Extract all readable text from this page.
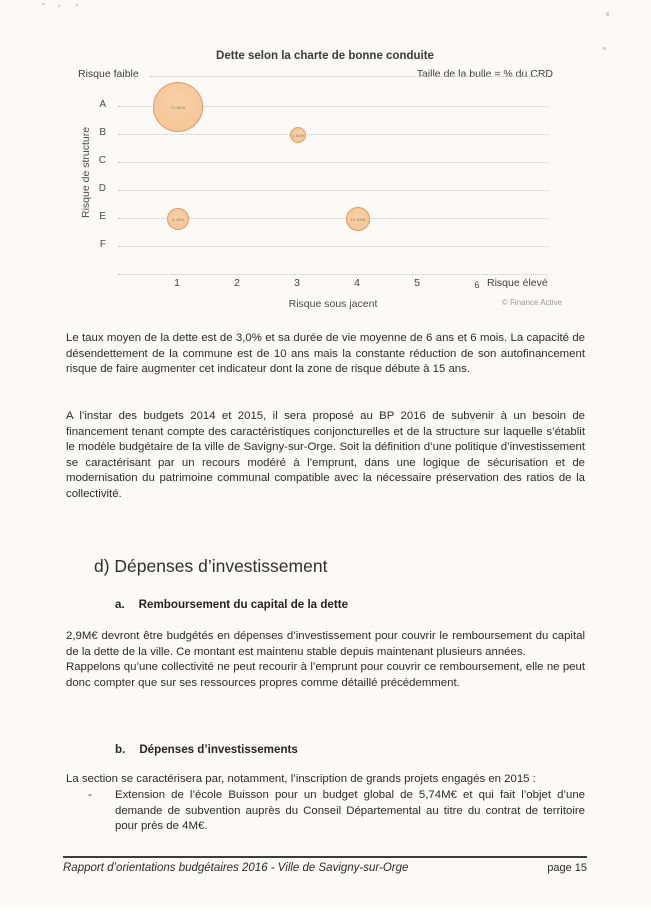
Dette selon la charte de bonne conduite
Risque faible	Taille de la bulle = % du CRD
Risque de structure
A
B
C
D
E
F
1	2	3	4	5	6
79,86%
1,64%
6,45%	12,05%
Risque élevé
Risque sous jacent	© Finance Active
Le taux moyen de la dette est de 3,0% et sa durée de vie moyenne de 6 ans et 6 mois. La capacité de désendettement de la commune est de 10 ans mais la constante réduction de son autofinancement risque de faire augmenter cet indicateur dont la zone de risque débute à 15 ans.
A l’instar des budgets 2014 et 2015, il sera proposé au BP 2016 de subvenir à un besoin de financement tenant compte des caractéristiques conjoncturelles et de la structure sur laquelle s’établit le modèle budgétaire de la ville de Savigny-sur-Orge. Soit la définition d’une politique d’investissement se caractérisant par un recours modéré à l’emprunt, dans une logique de sécurisation et de modernisation du patrimoine communal compatible avec la nécessaire préservation des ratios de la collectivité.
d) Dépenses d’investissement
a. Remboursement du capital de la dette

2,9M€ devront être budgétés en dépenses d’investissement pour couvrir le remboursement du capital de la dette de la ville. Ce montant est maintenu stable depuis maintenant plusieurs années.

Rappelons qu’une collectivité ne peut recourir à l’emprunt pour couvrir ce remboursement, elle ne peut donc compter que sur ses ressources propres comme détaillé précédemment.

b. Dépenses d’investissements
La section se caractérisera par, notamment, l’inscription de grands projets engagés en 2015 :
-	Extension de l’école Buisson pour un budget global de 5,74M€ et qui fait l’objet d’une demande de subvention auprès du Conseil Départemental au titre du contrat de territoire pour près de 4M€.
Rapport d’orientations budgétaires 2016 - Ville de Savigny-sur-Orge	page 15
